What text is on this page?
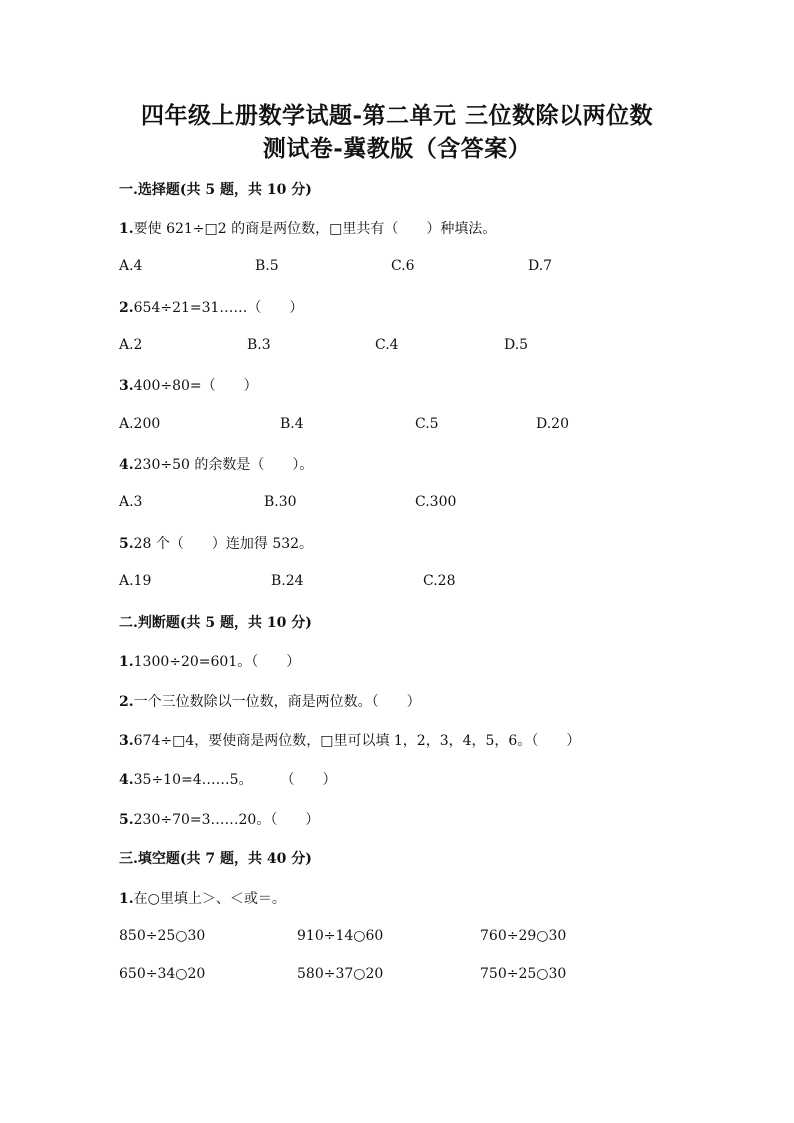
四年级上册数学试题-第二单元 三位数除以两位数
测试卷-冀教版（含答案）
一.选择题(共 5 题，共 10 分)
1.要使 621÷□2 的商是两位数，□里共有（　　）种填法。
A.4	B.5	C.6	D.7
2.654÷21=31……（　　）
A.2	B.3	C.4	D.5
3.400÷80=（　　）
A.200	B.4	C.5	D.20
4.230÷50 的余数是（　　）。
A.3	B.30	C.300
5.28 个（　　）连加得 532。
A.19	B.24	C.28
二.判断题(共 5 题，共 10 分)
1.1300÷20=601。（　　）
2.一个三位数除以一位数，商是两位数。（　　）
3.674÷□4，要使商是两位数，□里可以填 1，2，3，4，5，6。（　　）
4.35÷10=4……5。　　　（　　）
5.230÷70=3……20。（　　）
三.填空题(共 7 题，共 40 分)
1.在○里填上＞、＜或＝。
850÷25○30	910÷14○60	760÷29○30
650÷34○20	580÷37○20	750÷25○30
